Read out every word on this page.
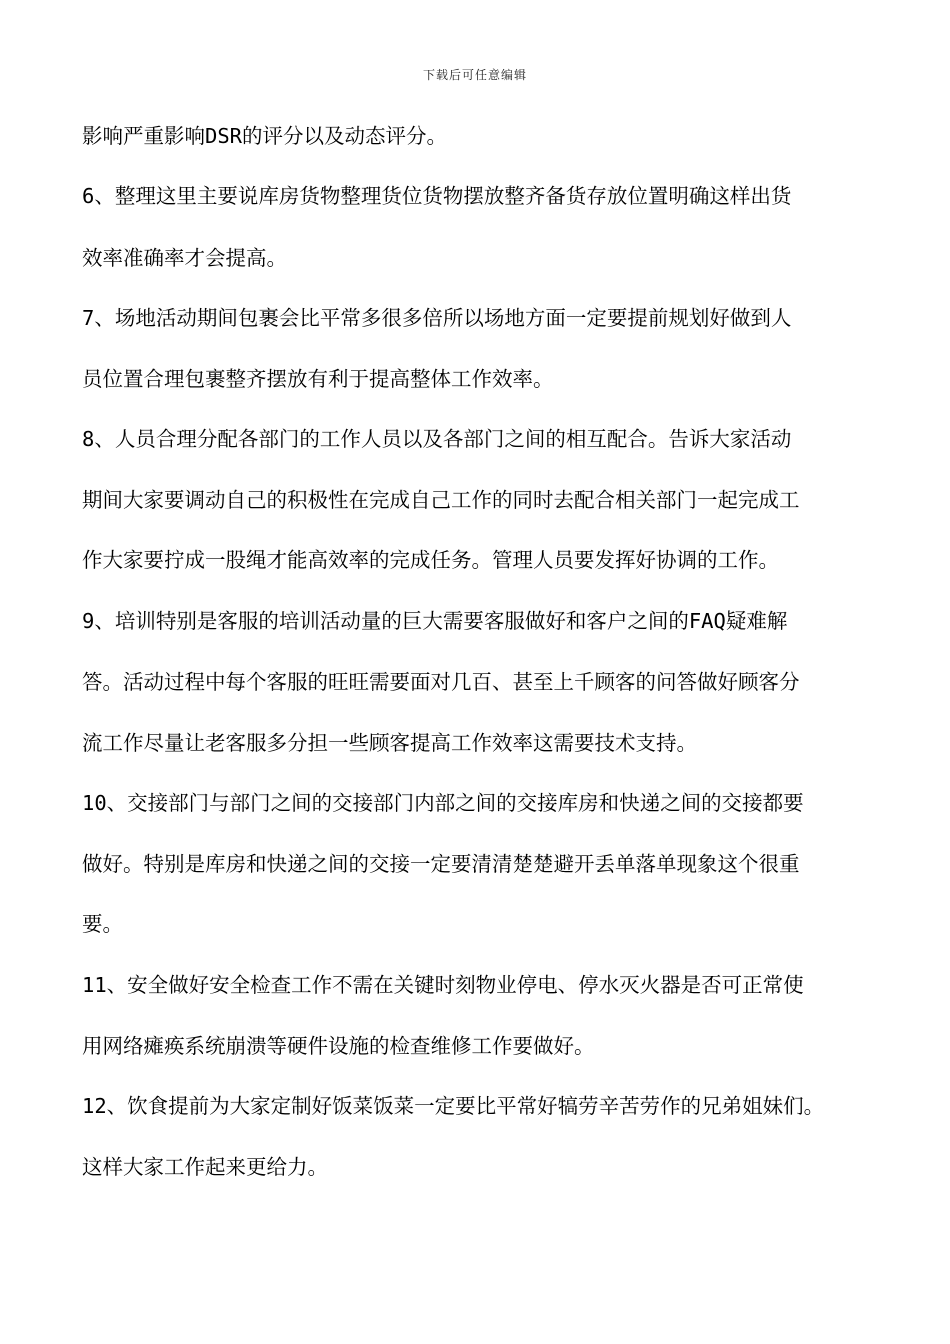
下载后可任意编辑
影响严重影响DSR的评分以及动态评分。
6、整理这里主要说库房货物整理货位货物摆放整齐备货存放位置明确这样出货
效率准确率才会提高。
7、场地活动期间包裹会比平常多很多倍所以场地方面一定要提前规划好做到人
员位置合理包裹整齐摆放有利于提高整体工作效率。
8、人员合理分配各部门的工作人员以及各部门之间的相互配合。告诉大家活动
期间大家要调动自己的积极性在完成自己工作的同时去配合相关部门一起完成工
作大家要拧成一股绳才能高效率的完成任务。管理人员要发挥好协调的工作。
9、培训特别是客服的培训活动量的巨大需要客服做好和客户之间的FAQ疑难解
答。活动过程中每个客服的旺旺需要面对几百、甚至上千顾客的问答做好顾客分
流工作尽量让老客服多分担一些顾客提高工作效率这需要技术支持。
10、交接部门与部门之间的交接部门内部之间的交接库房和快递之间的交接都要
做好。特别是库房和快递之间的交接一定要清清楚楚避开丢单落单现象这个很重
要。
11、安全做好安全检查工作不需在关键时刻物业停电、停水灭火器是否可正常使
用网络瘫痪系统崩溃等硬件设施的检查维修工作要做好。
12、饮食提前为大家定制好饭菜饭菜一定要比平常好犒劳辛苦劳作的兄弟姐妹们。
这样大家工作起来更给力。
